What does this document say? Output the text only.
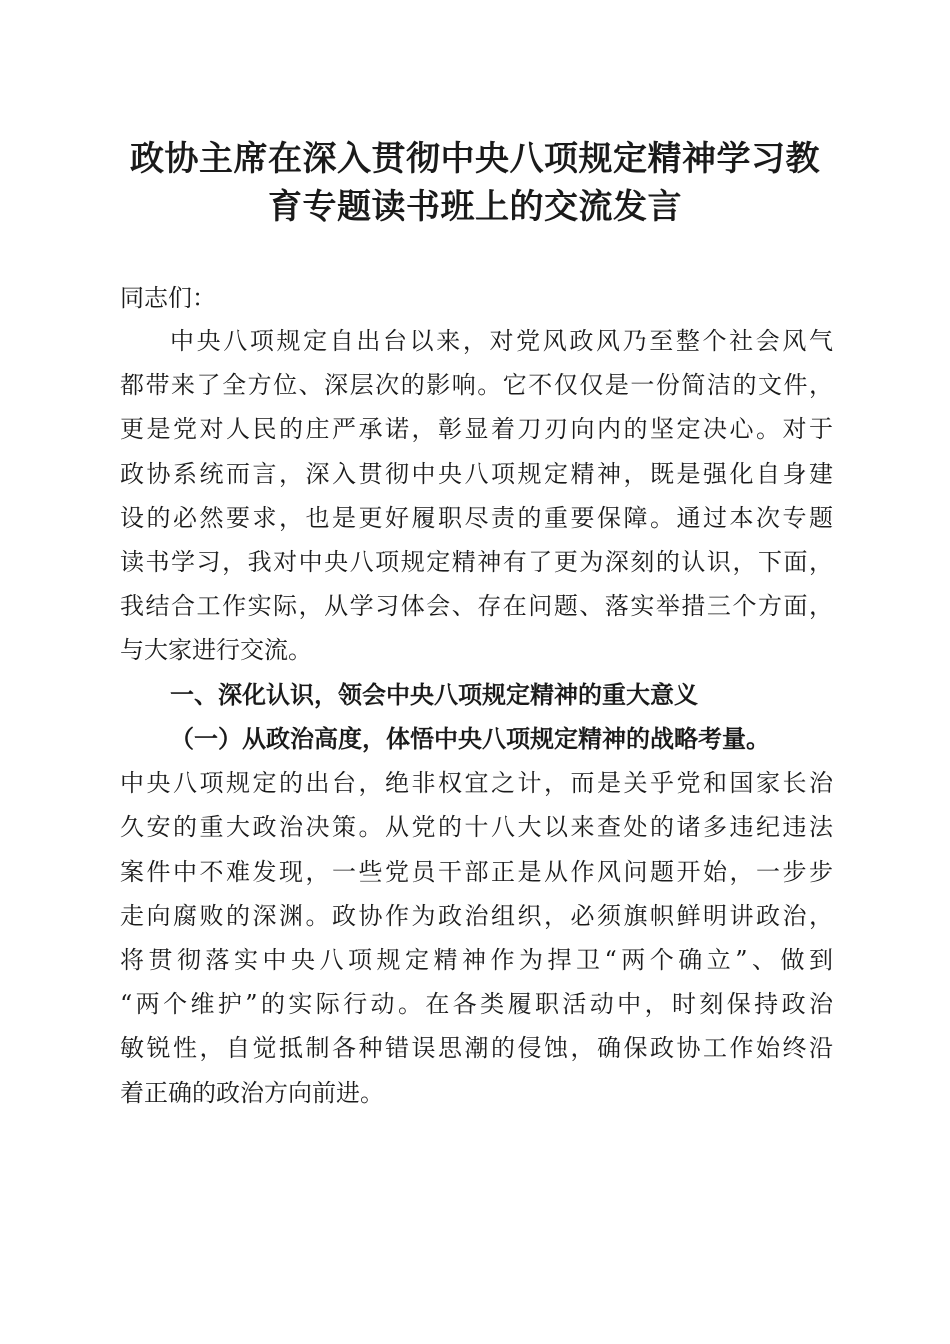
政协主席在深入贯彻中央八项规定精神学习教
育专题读书班上的交流发言
同志们：
中央八项规定自出台以来，对党风政风乃至整个社会风气
都带来了全方位、深层次的影响。它不仅仅是一份简洁的文件，
更是党对人民的庄严承诺，彰显着刀刃向内的坚定决心。对于
政协系统而言，深入贯彻中央八项规定精神，既是强化自身建
设的必然要求，也是更好履职尽责的重要保障。通过本次专题
读书学习，我对中央八项规定精神有了更为深刻的认识，下面，
我结合工作实际，从学习体会、存在问题、落实举措三个方面，
与大家进行交流。
一、深化认识，领会中央八项规定精神的重大意义
（一）从政治高度，体悟中央八项规定精神的战略考量。
中央八项规定的出台，绝非权宜之计，而是关乎党和国家长治
久安的重大政治决策。从党的十八大以来查处的诸多违纪违法
案件中不难发现，一些党员干部正是从作风问题开始，一步步
走向腐败的深渊。政协作为政治组织，必须旗帜鲜明讲政治，
将贯彻落实中央八项规定精神作为捍卫“两个确立”、做到
“两个维护”的实际行动。在各类履职活动中，时刻保持政治
敏锐性，自觉抵制各种错误思潮的侵蚀，确保政协工作始终沿
着正确的政治方向前进。
